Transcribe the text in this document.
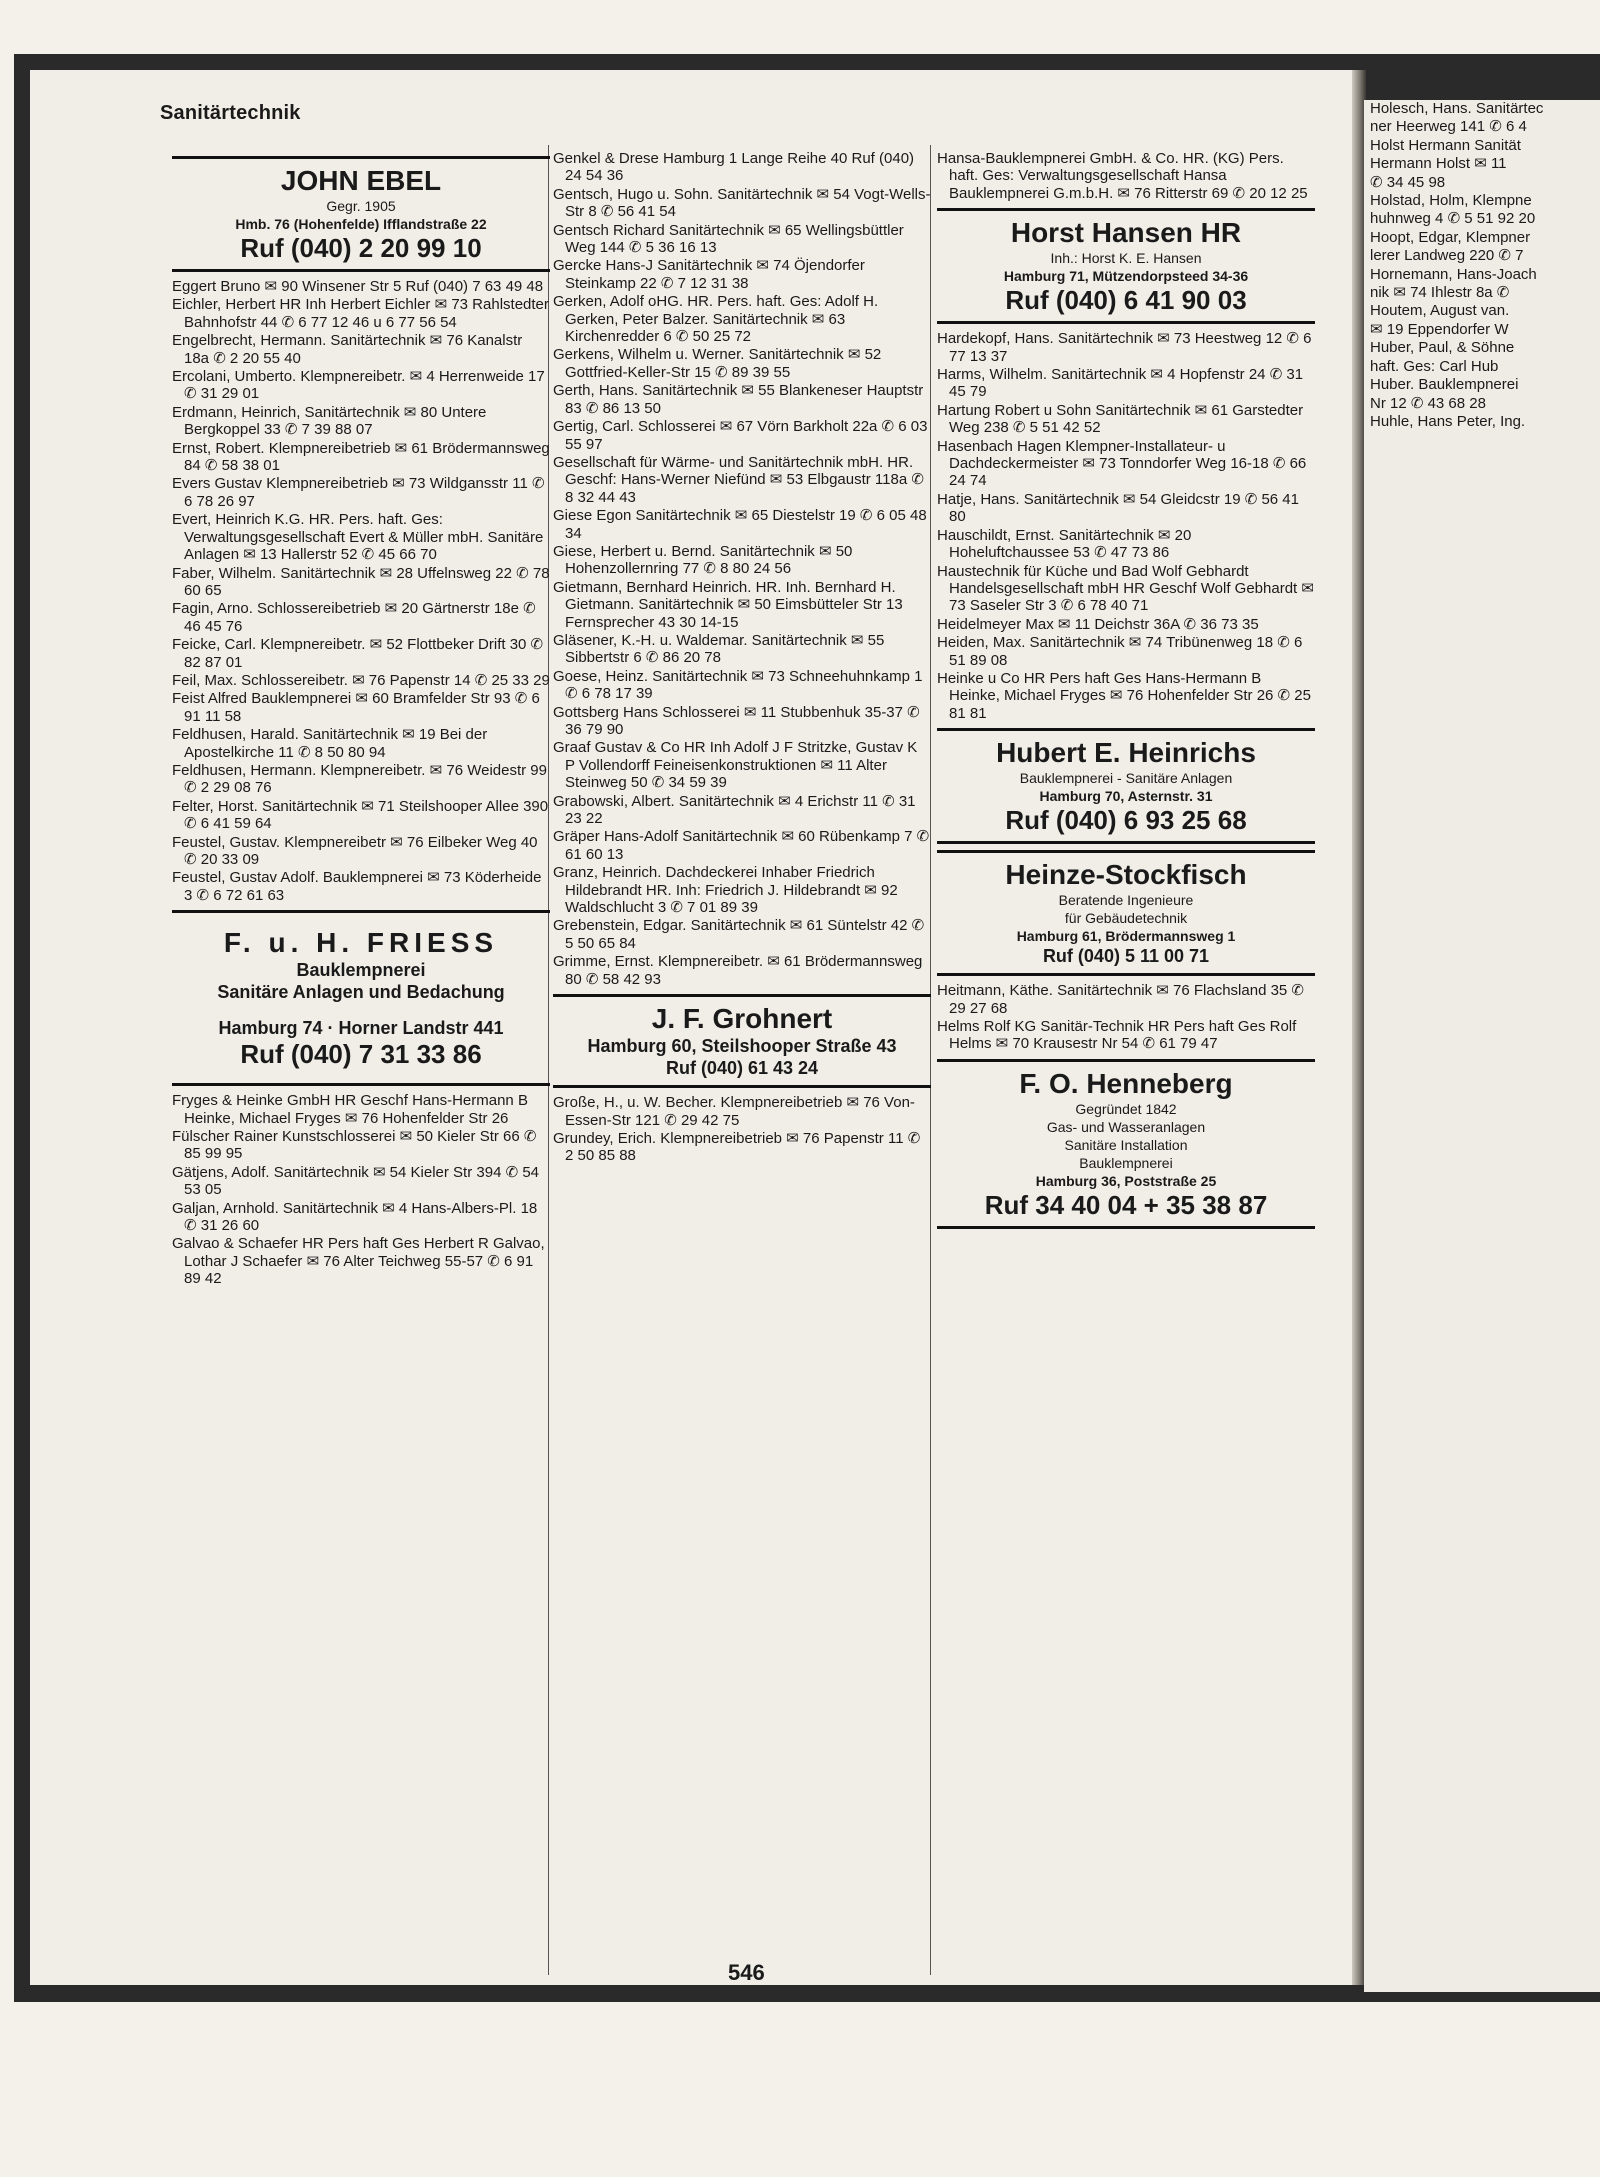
Holesch, Hans. Sanitärtec
ner Heerweg 141 ✆ 6 4
Holst Hermann Sanität
Hermann Holst ✉ 11
✆ 34 45 98
Holstad, Holm, Klempne
huhnweg 4 ✆ 5 51 92 20
Hoopt, Edgar, Klempner
lerer Landweg 220 ✆ 7
Hornemann, Hans-Joach
nik ✉ 74 Ihlestr 8a ✆
Houtem, August van.
✉ 19 Eppendorfer W
Huber, Paul, & Söhne
haft. Ges: Carl Hub
Huber. Bauklempnerei
Nr 12 ✆ 43 68 28
Huhle, Hans Peter, Ing.
Sanitärtechnik
JOHN EBEL
Gegr. 1905
Hmb. 76 (Hohenfelde) Ifflandstraße 22
Ruf (040) 2 20 99 10
Eggert Bruno ✉ 90 Winsener Str 5 Ruf (040) 7 63 49 48
Eichler, Herbert HR Inh Herbert Eichler ✉ 73 Rahlstedter Bahnhofstr 44 ✆ 6 77 12 46 u 6 77 56 54
Engelbrecht, Hermann. Sanitärtechnik ✉ 76 Kanalstr 18a ✆ 2 20 55 40
Ercolani, Umberto. Klempnereibetr. ✉ 4 Herrenweide 17 ✆ 31 29 01
Erdmann, Heinrich, Sanitärtechnik ✉ 80 Untere Bergkoppel 33 ✆ 7 39 88 07
Ernst, Robert. Klempnereibetrieb ✉ 61 Brödermannsweg 84 ✆ 58 38 01
Evers Gustav Klempnereibetrieb ✉ 73 Wildgansstr 11 ✆ 6 78 26 97
Evert, Heinrich K.G. HR. Pers. haft. Ges: Verwaltungsgesellschaft Evert & Müller mbH. Sanitäre Anlagen ✉ 13 Hallerstr 52 ✆ 45 66 70
Faber, Wilhelm. Sanitärtechnik ✉ 28 Uffelnsweg 22 ✆ 78 60 65
Fagin, Arno. Schlossereibetrieb ✉ 20 Gärtnerstr 18e ✆ 46 45 76
Feicke, Carl. Klempnereibetr. ✉ 52 Flottbeker Drift 30 ✆ 82 87 01
Feil, Max. Schlossereibetr. ✉ 76 Papenstr 14 ✆ 25 33 29
Feist Alfred Bauklempnerei ✉ 60 Bramfelder Str 93 ✆ 6 91 11 58
Feldhusen, Harald. Sanitärtechnik ✉ 19 Bei der Apostelkirche 11 ✆ 8 50 80 94
Feldhusen, Hermann. Klempnereibetr. ✉ 76 Weidestr 99 ✆ 2 29 08 76
Felter, Horst. Sanitärtechnik ✉ 71 Steilshooper Allee 390 ✆ 6 41 59 64
Feustel, Gustav. Klempnereibetr ✉ 76 Eilbeker Weg 40 ✆ 20 33 09
Feustel, Gustav Adolf. Bauklempnerei ✉ 73 Köderheide 3 ✆ 6 72 61 63
F. u. H. FRIESS
Bauklempnerei
Sanitäre Anlagen und Bedachung
Hamburg 74 · Horner Landstr 441
Ruf (040) 7 31 33 86
Fryges & Heinke GmbH HR Geschf Hans-Hermann B Heinke, Michael Fryges ✉ 76 Hohenfelder Str 26
Fülscher Rainer Kunstschlosserei ✉ 50 Kieler Str 66 ✆ 85 99 95
Gätjens, Adolf. Sanitärtechnik ✉ 54 Kieler Str 394 ✆ 54 53 05
Galjan, Arnhold. Sanitärtechnik ✉ 4 Hans-Albers-Pl. 18 ✆ 31 26 60
Galvao & Schaefer HR Pers haft Ges Herbert R Galvao, Lothar J Schaefer ✉ 76 Alter Teichweg 55-57 ✆ 6 91 89 42
Genkel & Drese Hamburg 1 Lange Reihe 40 Ruf (040) 24 54 36
Gentsch, Hugo u. Sohn. Sanitärtechnik ✉ 54 Vogt-Wells-Str 8 ✆ 56 41 54
Gentsch Richard Sanitärtechnik ✉ 65 Wellingsbüttler Weg 144 ✆ 5 36 16 13
Gercke Hans-J Sanitärtechnik ✉ 74 Öjendorfer Steinkamp 22 ✆ 7 12 31 38
Gerken, Adolf oHG. HR. Pers. haft. Ges: Adolf H. Gerken, Peter Balzer. Sanitärtechnik ✉ 63 Kirchenredder 6 ✆ 50 25 72
Gerkens, Wilhelm u. Werner. Sanitärtechnik ✉ 52 Gottfried-Keller-Str 15 ✆ 89 39 55
Gerth, Hans. Sanitärtechnik ✉ 55 Blankeneser Hauptstr 83 ✆ 86 13 50
Gertig, Carl. Schlosserei ✉ 67 Vörn Barkholt 22a ✆ 6 03 55 97
Gesellschaft für Wärme- und Sanitärtechnik mbH. HR. Geschf: Hans-Werner Niefünd ✉ 53 Elbgaustr 118a ✆ 8 32 44 43
Giese Egon Sanitärtechnik ✉ 65 Diestelstr 19 ✆ 6 05 48 34
Giese, Herbert u. Bernd. Sanitärtechnik ✉ 50 Hohenzollernring 77 ✆ 8 80 24 56
Gietmann, Bernhard Heinrich. HR. Inh. Bernhard H. Gietmann. Sanitärtechnik ✉ 50 Eimsbütteler Str 13 Fernsprecher 43 30 14-15
Gläsener, K.-H. u. Waldemar. Sanitärtechnik ✉ 55 Sibbertstr 6 ✆ 86 20 78
Goese, Heinz. Sanitärtechnik ✉ 73 Schneehuhnkamp 1 ✆ 6 78 17 39
Gottsberg Hans Schlosserei ✉ 11 Stubbenhuk 35-37 ✆ 36 79 90
Graaf Gustav & Co HR Inh Adolf J F Stritzke, Gustav K P Vollendorff Feineisenkonstruktionen ✉ 11 Alter Steinweg 50 ✆ 34 59 39
Grabowski, Albert. Sanitärtechnik ✉ 4 Erichstr 11 ✆ 31 23 22
Gräper Hans-Adolf Sanitärtechnik ✉ 60 Rübenkamp 7 ✆ 61 60 13
Granz, Heinrich. Dachdeckerei Inhaber Friedrich Hildebrandt HR. Inh: Friedrich J. Hildebrandt ✉ 92 Waldschlucht 3 ✆ 7 01 89 39
Grebenstein, Edgar. Sanitärtechnik ✉ 61 Süntelstr 42 ✆ 5 50 65 84
Grimme, Ernst. Klempnereibetr. ✉ 61 Brödermannsweg 80 ✆ 58 42 93
J. F. Grohnert
Hamburg 60, Steilshooper Straße 43
Ruf (040) 61 43 24
Große, H., u. W. Becher. Klempnereibetrieb ✉ 76 Von-Essen-Str 121 ✆ 29 42 75
Grundey, Erich. Klempnereibetrieb ✉ 76 Papenstr 11 ✆ 2 50 85 88
Hansa-Bauklempnerei GmbH. & Co. HR. (KG) Pers. haft. Ges: Verwaltungsgesellschaft Hansa Bauklempnerei G.m.b.H. ✉ 76 Ritterstr 69 ✆ 20 12 25
Horst Hansen HR
Inh.: Horst K. E. Hansen
Hamburg 71, Mützendorpsteed 34-36
Ruf (040) 6 41 90 03
Hardekopf, Hans. Sanitärtechnik ✉ 73 Heestweg 12 ✆ 6 77 13 37
Harms, Wilhelm. Sanitärtechnik ✉ 4 Hopfenstr 24 ✆ 31 45 79
Hartung Robert u Sohn Sanitärtechnik ✉ 61 Garstedter Weg 238 ✆ 5 51 42 52
Hasenbach Hagen Klempner-Installateur- u Dachdeckermeister ✉ 73 Tonndorfer Weg 16-18 ✆ 66 24 74
Hatje, Hans. Sanitärtechnik ✉ 54 Gleidcstr 19 ✆ 56 41 80
Hauschildt, Ernst. Sanitärtechnik ✉ 20 Hoheluftchaussee 53 ✆ 47 73 86
Haustechnik für Küche und Bad Wolf Gebhardt Handelsgesellschaft mbH HR Geschf Wolf Gebhardt ✉ 73 Saseler Str 3 ✆ 6 78 40 71
Heidelmeyer Max ✉ 11 Deichstr 36A ✆ 36 73 35
Heiden, Max. Sanitärtechnik ✉ 74 Tribünenweg 18 ✆ 6 51 89 08
Heinke u Co HR Pers haft Ges Hans-Hermann B Heinke, Michael Fryges ✉ 76 Hohenfelder Str 26 ✆ 25 81 81
Hubert E. Heinrichs
Bauklempnerei - Sanitäre Anlagen
Hamburg 70, Asternstr. 31
Ruf (040) 6 93 25 68
Heinze-Stockfisch
Beratende Ingenieure
für Gebäudetechnik
Hamburg 61, Brödermannsweg 1
Ruf (040) 5 11 00 71
Heitmann, Käthe. Sanitärtechnik ✉ 76 Flachsland 35 ✆ 29 27 68
Helms Rolf KG Sanitär-Technik HR Pers haft Ges Rolf Helms ✉ 70 Krausestr Nr 54 ✆ 61 79 47
F. O. Henneberg
Gegründet 1842
Gas- und Wasseranlagen
Sanitäre Installation
Bauklempnerei
Hamburg 36, Poststraße 25
Ruf 34 40 04 + 35 38 87
546
